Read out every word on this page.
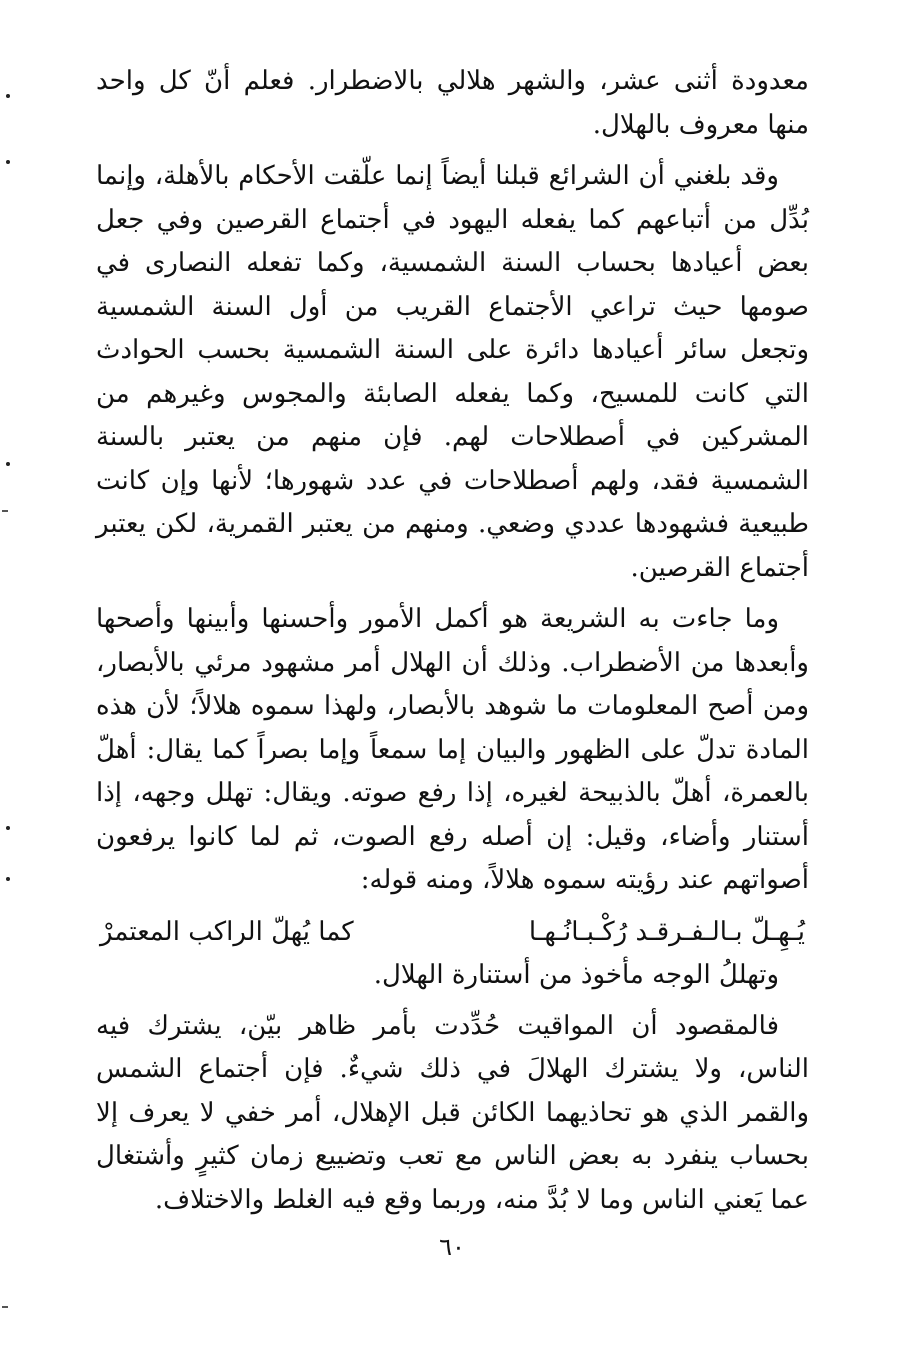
معدودة أثنى عشر، والشهر هلالي بالاضطرار. فعلم أنّ كل واحد منها معروف بالهلال.

وقد بلغني أن الشرائع قبلنا أيضاً إنما علّقت الأحكام بالأهلة، وإنما بُدِّل من أتباعهم كما يفعله اليهود في أجتماع القرصين وفي جعل بعض أعيادها بحساب السنة الشمسية، وكما تفعله النصارى في صومها حيث تراعي الأجتماع القريب من أول السنة الشمسية وتجعل سائر أعيادها دائرة على السنة الشمسية بحسب الحوادث التي كانت للمسيح، وكما يفعله الصابئة والمجوس وغيرهم من المشركين في أصطلاحات لهم. فإن منهم من يعتبر بالسنة الشمسية فقد، ولهم أصطلاحات في عدد شهورها؛ لأنها وإن كانت طبيعية فشهودها عددي وضعي. ومنهم من يعتبر القمرية، لكن يعتبر أجتماع القرصين.

وما جاءت به الشريعة هو أكمل الأمور وأحسنها وأبينها وأصحها وأبعدها من الأضطراب. وذلك أن الهلال أمر مشهود مرئي بالأبصار، ومن أصح المعلومات ما شوهد بالأبصار، ولهذا سموه هلالاً؛ لأن هذه المادة تدلّ على الظهور والبيان إما سمعاً وإما بصراً كما يقال: أهلّ بالعمرة، أهلّ بالذبيحة لغيره، إذا رفع صوته. ويقال: تهلل وجهه، إذا أستنار وأضاء، وقيل: إن أصله رفع الصوت، ثم لما كانوا يرفعون أصواتهم عند رؤيته سموه هلالاً، ومنه قوله:

يُـهِـلّ بـالـفـرقـد رُكْـبـانُـهـا
كما يُهلّ الراكب المعتمرْ

وتهللُ الوجه مأخوذ من أستنارة الهلال.

فالمقصود أن المواقيت حُدِّدت بأمر ظاهر بيّن، يشترك فيه الناس، ولا يشترك الهلالَ في ذلك شيءٌ. فإن أجتماع الشمس والقمر الذي هو تحاذيهما الكائن قبل الإهلال، أمر خفي لا يعرف إلا بحساب ينفرد به بعض الناس مع تعب وتضييع زمان كثيرٍ وأشتغال عما يَعني الناس وما لا بُدَّ منه، وربما وقع فيه الغلط والاختلاف.

٦٠
